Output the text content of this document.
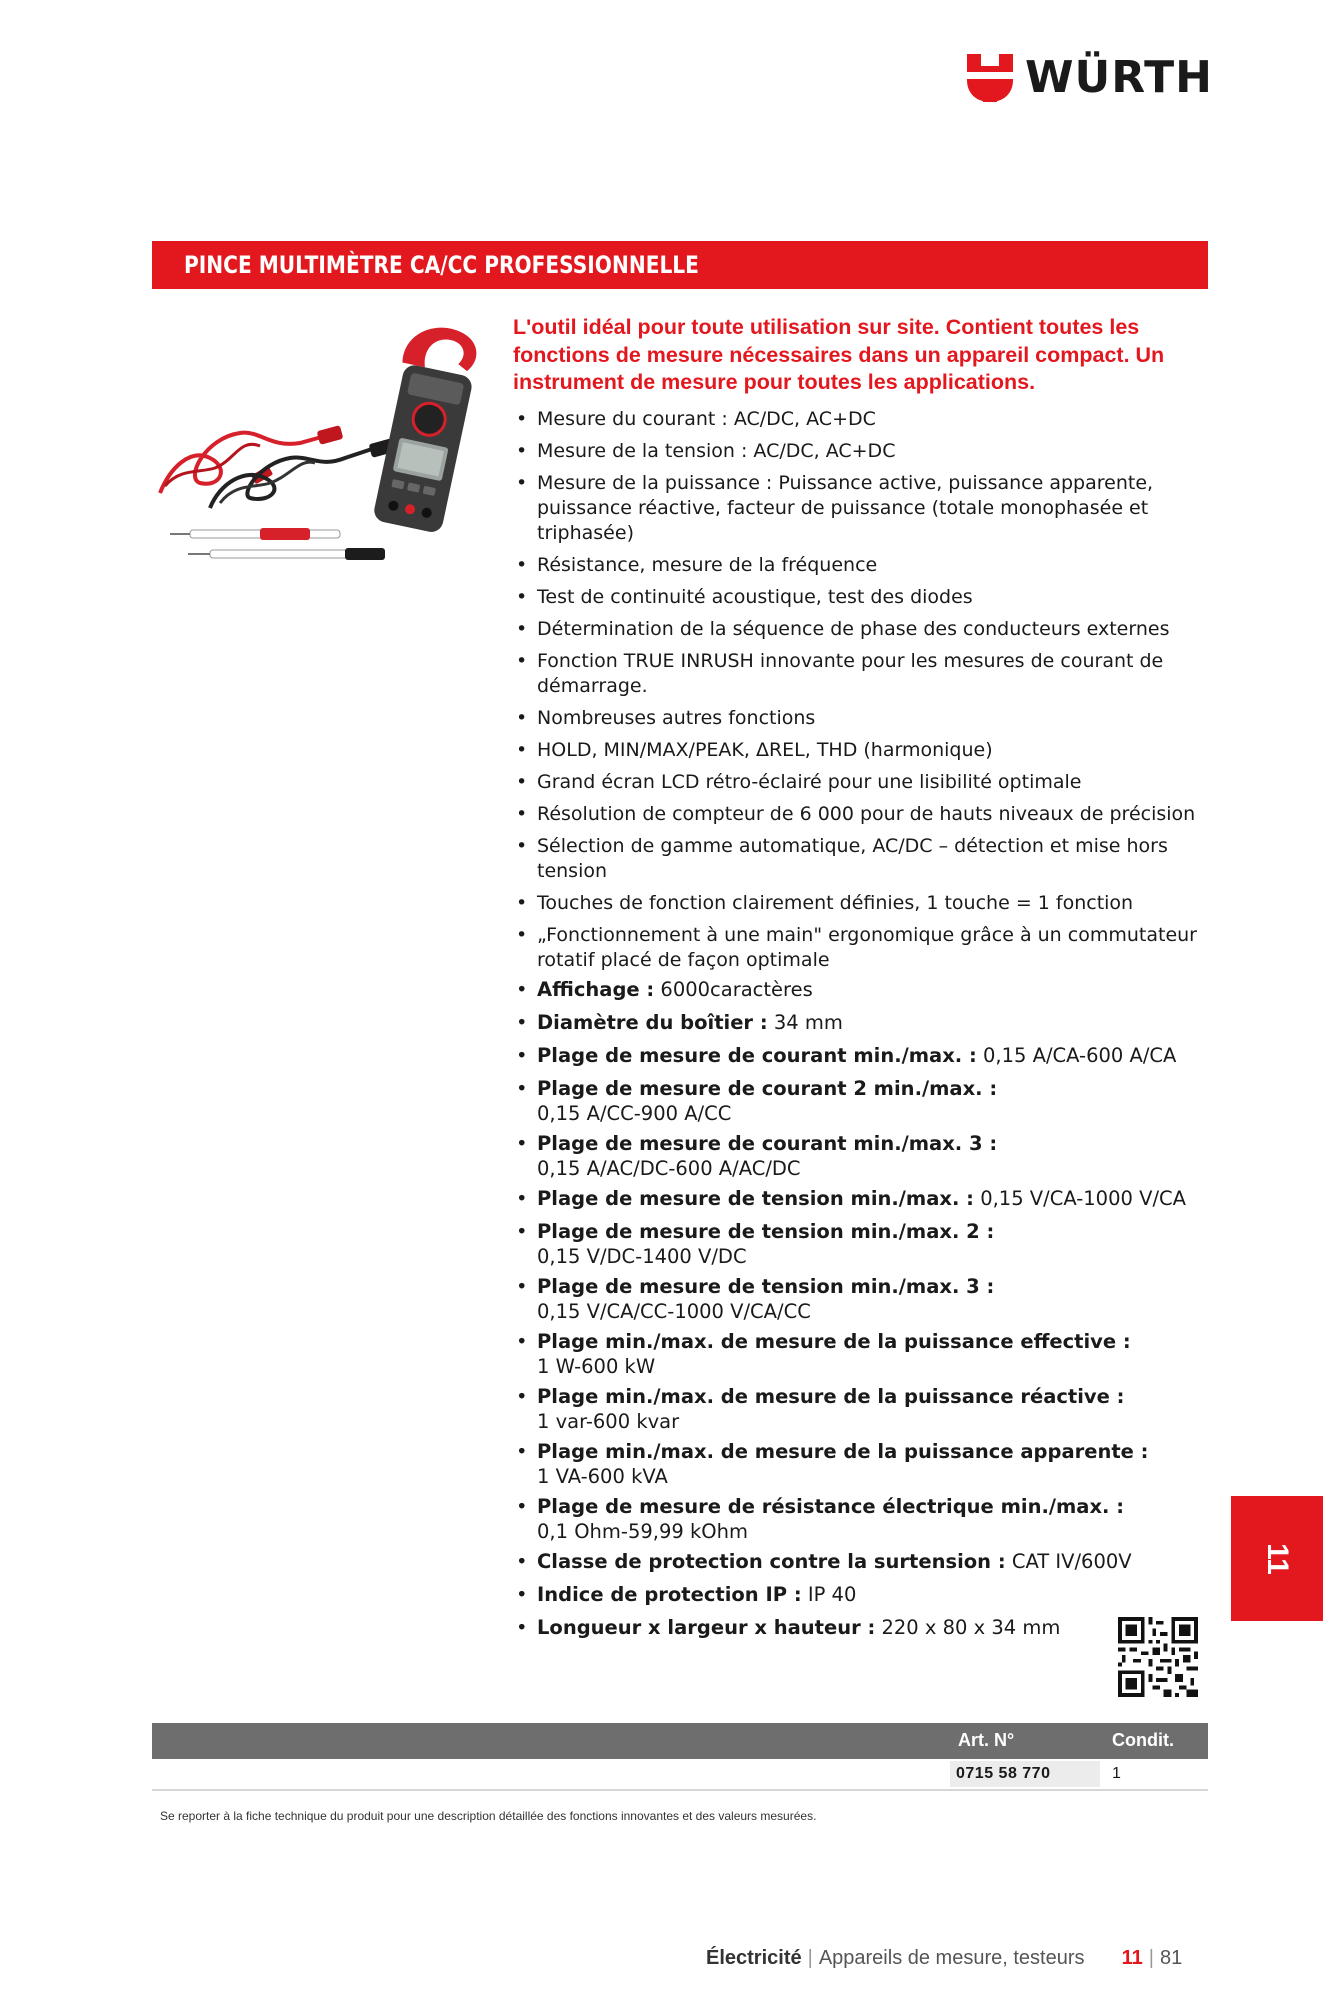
WÜRTH
PINCE MULTIMÈTRE CA/CC PROFESSIONNELLE

L'outil idéal pour toute utilisation sur site. Contient toutes les fonctions de mesure nécessaires dans un appareil compact. Un instrument de mesure pour toutes les applications.

• Mesure du courant : AC/DC, AC+DC
• Mesure de la tension : AC/DC, AC+DC
• Mesure de la puissance : Puissance active, puissance apparente, puissance réactive, facteur de puissance (totale monophasée et triphasée)
• Résistance, mesure de la fréquence
• Test de continuité acoustique, test des diodes
• Détermination de la séquence de phase des conducteurs externes
• Fonction TRUE INRUSH innovante pour les mesures de courant de démarrage.
• Nombreuses autres fonctions
• HOLD, MIN/MAX/PEAK, ΔREL, THD (harmonique)
• Grand écran LCD rétro-éclairé pour une lisibilité optimale
• Résolution de compteur de 6 000 pour de hauts niveaux de précision
• Sélection de gamme automatique, AC/DC – détection et mise hors tension
• Touches de fonction clairement définies, 1 touche = 1 fonction
• „Fonctionnement à une main" ergonomique grâce à un commutateur rotatif placé de façon optimale
• Affichage : 6000caractères
• Diamètre du boîtier : 34 mm
• Plage de mesure de courant min./max. : 0,15 A/CA-600 A/CA
• Plage de mesure de courant 2 min./max. :
0,15 A/CC-900 A/CC
• Plage de mesure de courant min./max. 3 :
0,15 A/AC/DC-600 A/AC/DC
• Plage de mesure de tension min./max. : 0,15 V/CA-1000 V/CA
• Plage de mesure de tension min./max. 2 :
0,15 V/DC-1400 V/DC
• Plage de mesure de tension min./max. 3 :
0,15 V/CA/CC-1000 V/CA/CC
• Plage min./max. de mesure de la puissance effective :
1 W-600 kW
• Plage min./max. de mesure de la puissance réactive :
1 var-600 kvar
• Plage min./max. de mesure de la puissance apparente :
1 VA-600 kVA
• Plage de mesure de résistance électrique min./max. :
0,1 Ohm-59,99 kOhm
• Classe de protection contre la surtension : CAT IV/600V
• Indice de protection IP : IP 40
• Longueur x largeur x hauteur : 220 x 80 x 34 mm
11
Art. N°	Condit.
0715 58 770	1

Se reporter à la fiche technique du produit pour une description détaillée des fonctions innovantes et des valeurs mesurées.

Électricité | Appareils de mesure, testeurs 11 | 81
